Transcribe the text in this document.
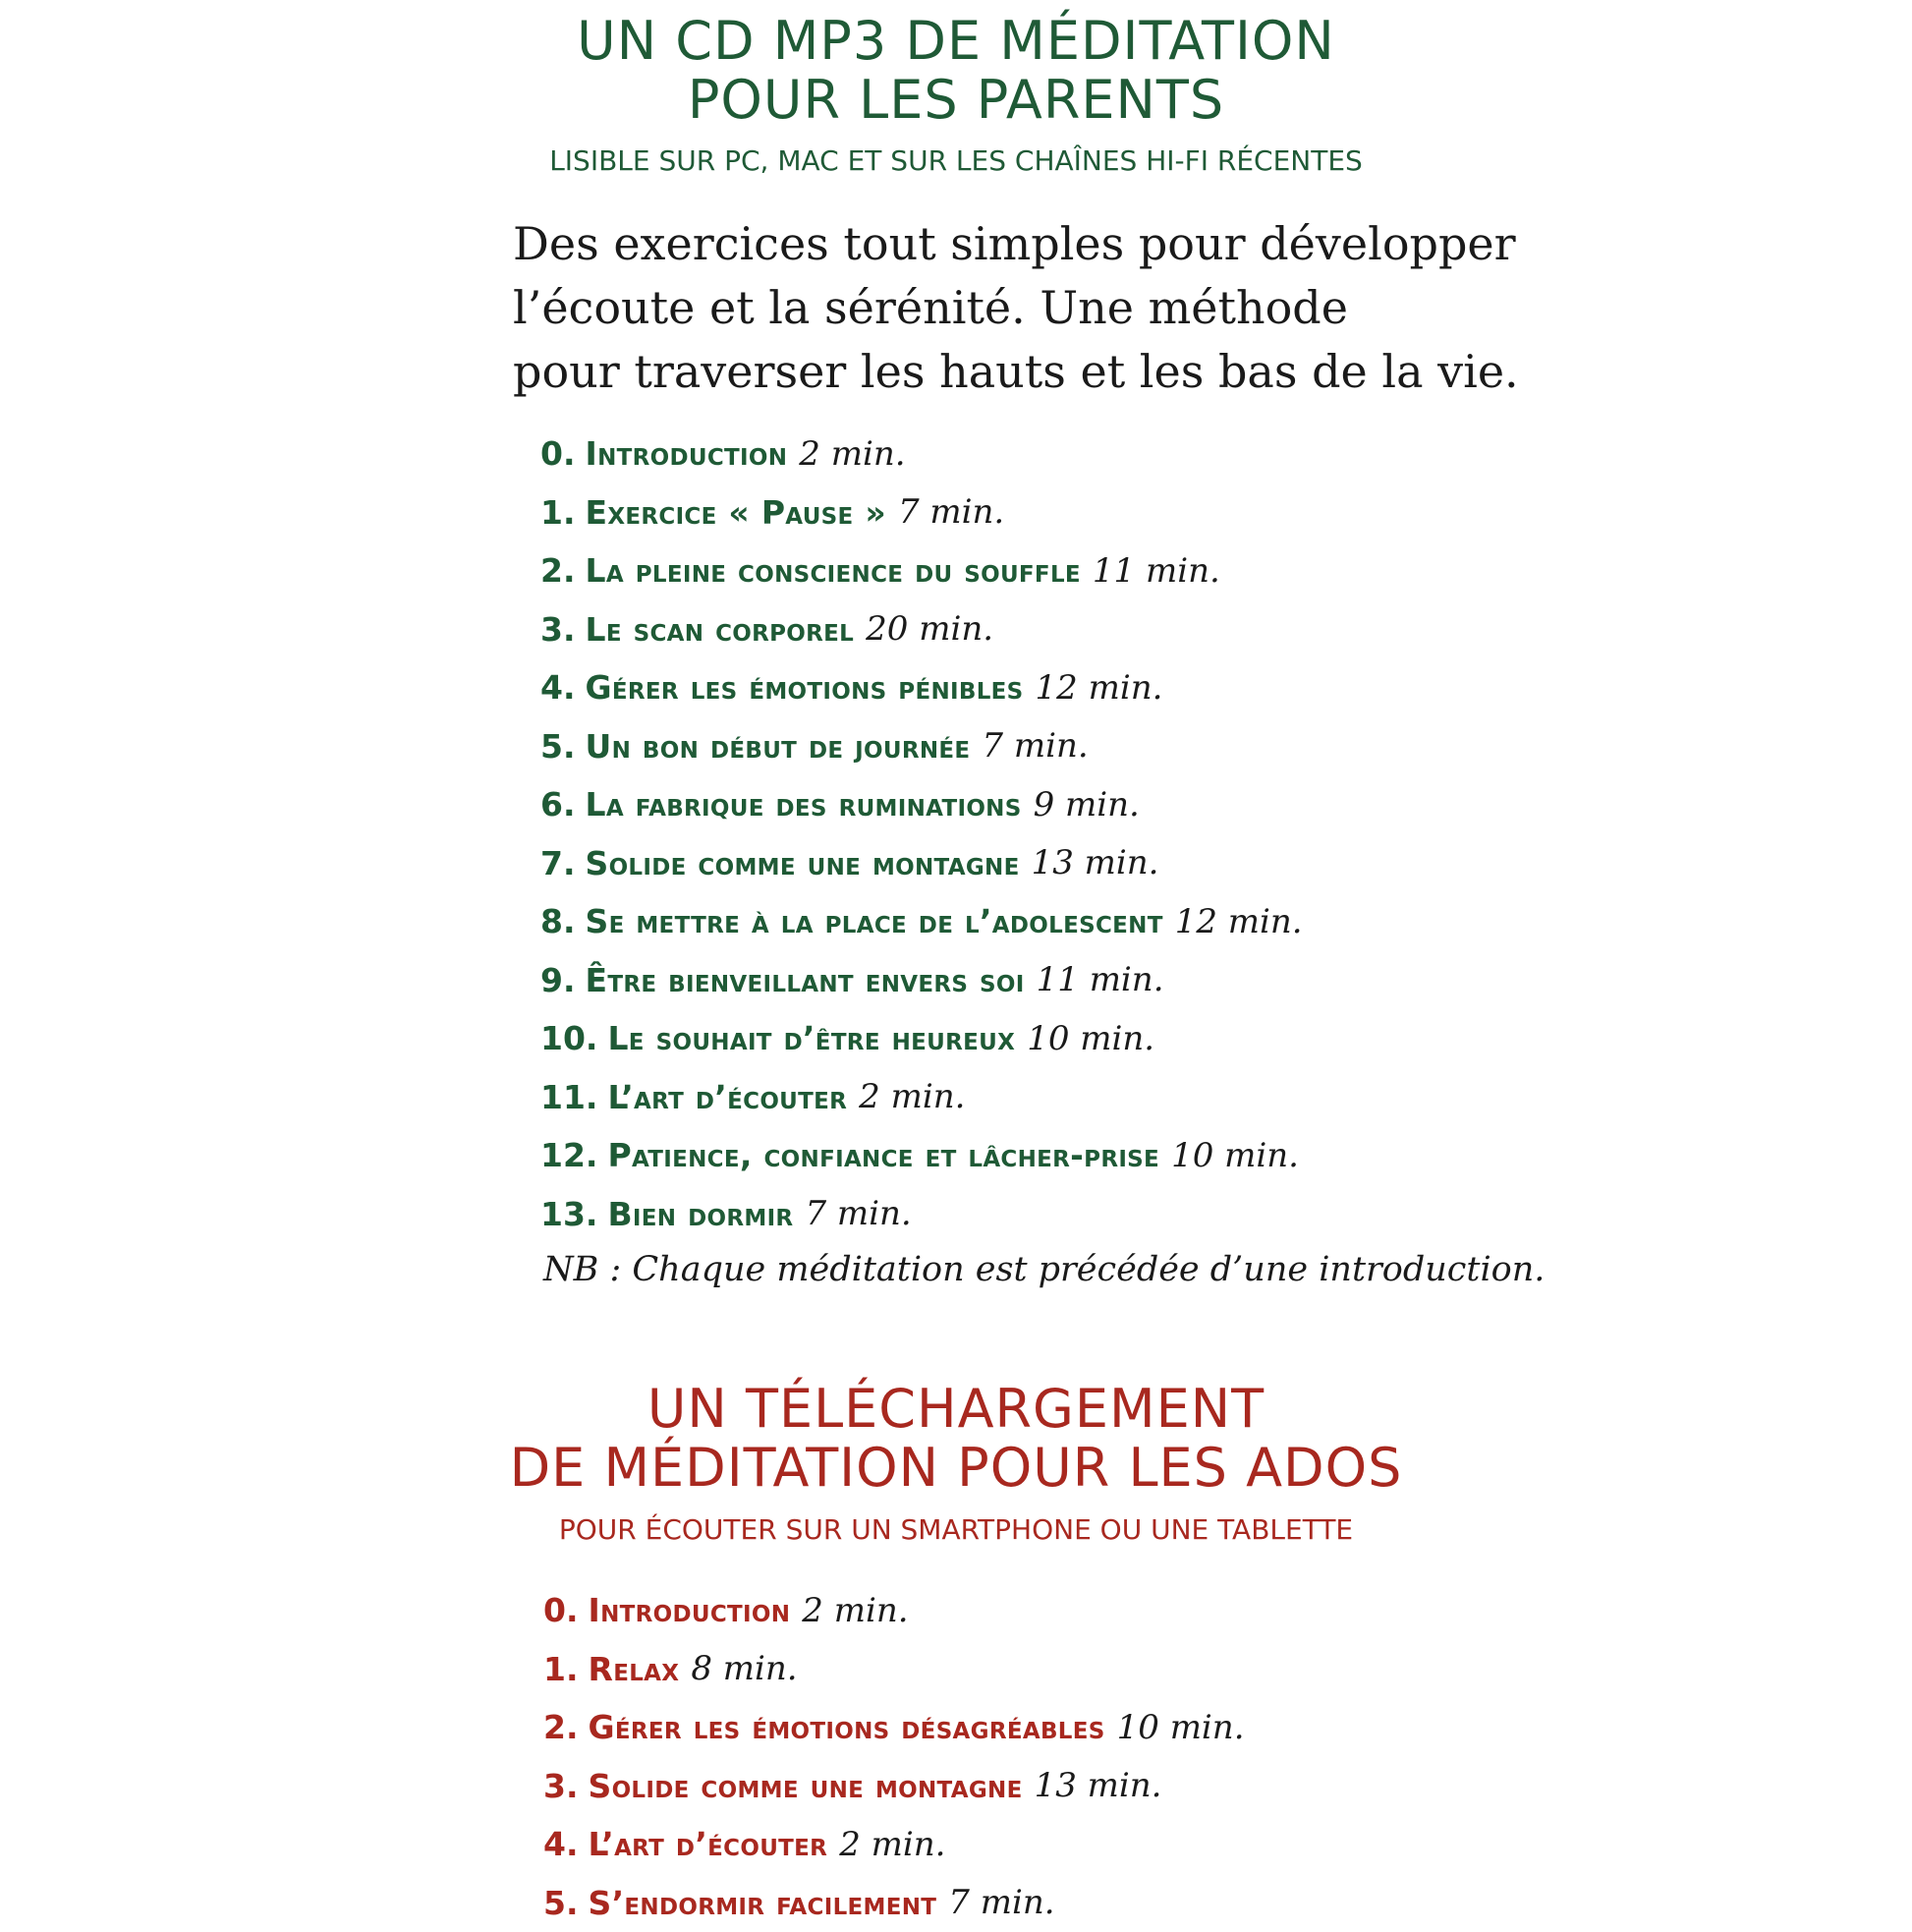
UN CD MP3 DE MÉDITATION
POUR LES PARENTS

LISIBLE SUR PC, MAC ET SUR LES CHAÎNES HI-FI RÉCENTES

Des exercices tout simples pour développer
l’écoute et la sérénité. Une méthode
pour traverser les hauts et les bas de la vie.

0. Introduction 2 min.
1. Exercice « Pause » 7 min.
2. La pleine conscience du souffle 11 min.
3. Le scan corporel 20 min.
4. Gérer les émotions pénibles 12 min.
5. Un bon début de journée 7 min.
6. La fabrique des ruminations 9 min.
7. Solide comme une montagne 13 min.
8. Se mettre à la place de l’adolescent 12 min.
9. Être bienveillant envers soi 11 min.
10. Le souhait d’être heureux 10 min.
11. L’art d’écouter 2 min.
12. Patience, confiance et lâcher-prise 10 min.
13. Bien dormir 7 min.

NB : Chaque méditation est précédée d’une introduction.

UN TÉLÉCHARGEMENT
DE MÉDITATION POUR LES ADOS

POUR ÉCOUTER SUR UN SMARTPHONE OU UNE TABLETTE

0. Introduction 2 min.
1. Relax 8 min.
2. Gérer les émotions désagréables 10 min.
3. Solide comme une montagne 13 min.
4. L’art d’écouter 2 min.
5. S’endormir facilement 7 min.
